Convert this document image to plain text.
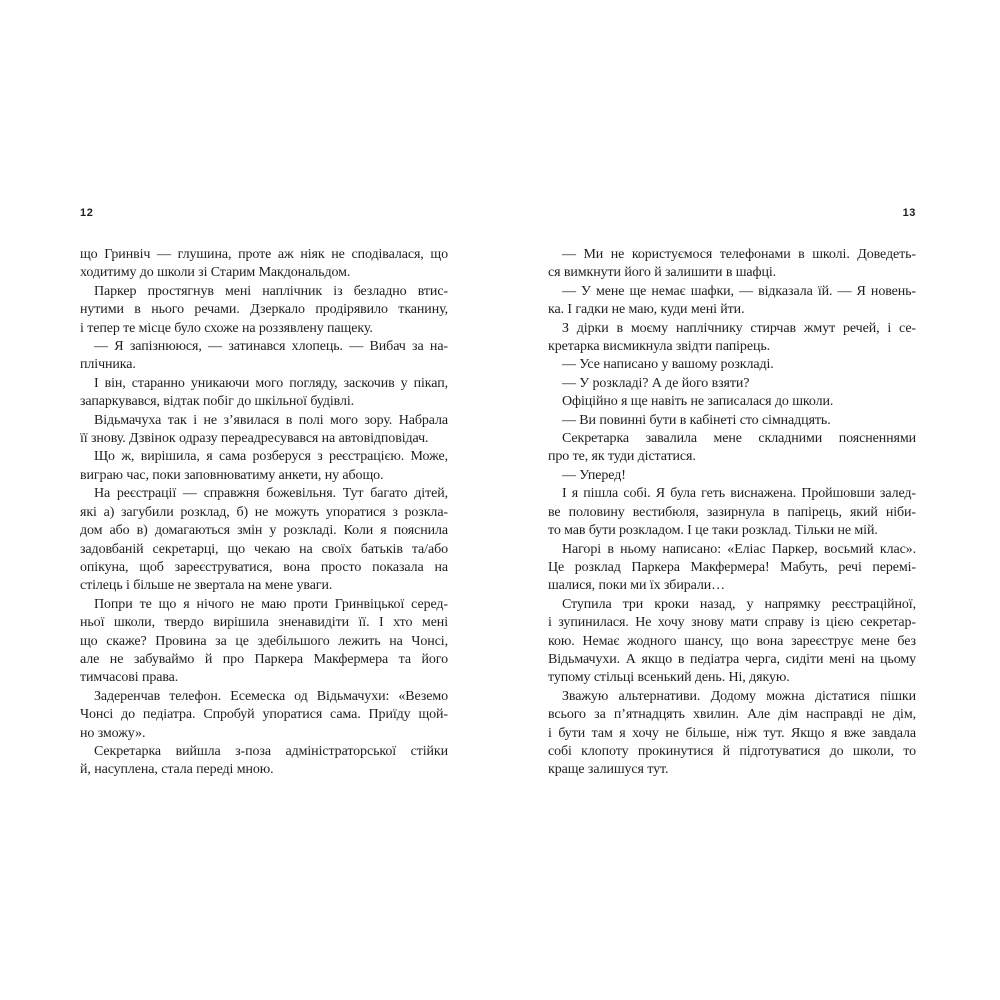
12
що Гринвіч — глушина, проте аж ніяк не сподівалася, що
ходитиму до школи зі Старим Макдональдом.
Паркер простягнув мені наплічник із безладно втис-
нутими в нього речами. Дзеркало продірявило тканину,
і тепер те місце було схоже на роззявлену пащеку.
— Я запізнююся, — затинався хлопець. — Вибач за на-
плічника.
І він, старанно уникаючи мого погляду, заскочив у пікап,
запаркувався, відтак побіг до шкільної будівлі.
Відьмачуха так і не з’явилася в полі мого зору. Набрала
її знову. Дзвінок одразу переадресувався на автовідповідач.
Що ж, вирішила, я сама розберуся з реєстрацією. Може,
виграю час, поки заповнюватиму анкети, ну абощо.
На реєстрації — справжня божевільня. Тут багато дітей,
які а) загубили розклад, б) не можуть упоратися з розкла-
дом або в) домагаються змін у розкладі. Коли я пояснила
задовбаній секретарці, що чекаю на своїх батьків та/або
опікуна, щоб зареєструватися, вона просто показала на
стілець і більше не звертала на мене уваги.
Попри те що я нічого не маю проти Гринвіцької серед-
ньої школи, твердо вирішила зненавидіти її. І хто мені
що скаже? Провина за це здебільшого лежить на Чонсі,
але не забуваймо й про Паркера Макфермера та його
тимчасові права.
Задеренчав телефон. Есемеска од Відьмачухи: «Веземо
Чонсі до педіатра. Спробуй упоратися сама. Приїду щой-
но зможу».
Секретарка вийшла з-поза адміністраторської стійки
й, насуплена, стала переді мною.
13
— Ми не користуємося телефонами в школі. Доведеть-
ся вимкнути його й залишити в шафці.
— У мене ще немає шафки, — відказала їй. — Я новень-
ка. І гадки не маю, куди мені йти.
З дірки в моєму наплічнику стирчав жмут речей, і се-
кретарка висмикнула звідти папірець.
— Усе написано у вашому розкладі.
— У розкладі? А де його взяти?
Офіційно я ще навіть не записалася до школи.
— Ви повинні бути в кабінеті сто сімнадцять.
Секретарка завалила мене складними поясненнями
про те, як туди дістатися.
— Уперед!
І я пішла собі. Я була геть виснажена. Пройшовши залед-
ве половину вестибюля, зазирнула в папірець, який ніби-
то мав бути розкладом. І це таки розклад. Тільки не мій.
Нагорі в ньому написано: «Еліас Паркер, восьмий клас».
Це розклад Паркера Макфермера! Мабуть, речі перемі-
шалися, поки ми їх збирали…
Ступила три кроки назад, у напрямку реєстраційної,
і зупинилася. Не хочу знову мати справу із цією секретар-
кою. Немає жодного шансу, що вона зареєструє мене без
Відьмачухи. А якщо в педіатра черга, сидіти мені на цьому
тупому стільці всенький день. Ні, дякую.
Зважую альтернативи. Додому можна дістатися пішки
всього за п’ятнадцять хвилин. Але дім насправді не дім,
і бути там я хочу не більше, ніж тут. Якщо я вже завдала
собі клопоту прокинутися й підготуватися до школи, то
краще залишуся тут.
